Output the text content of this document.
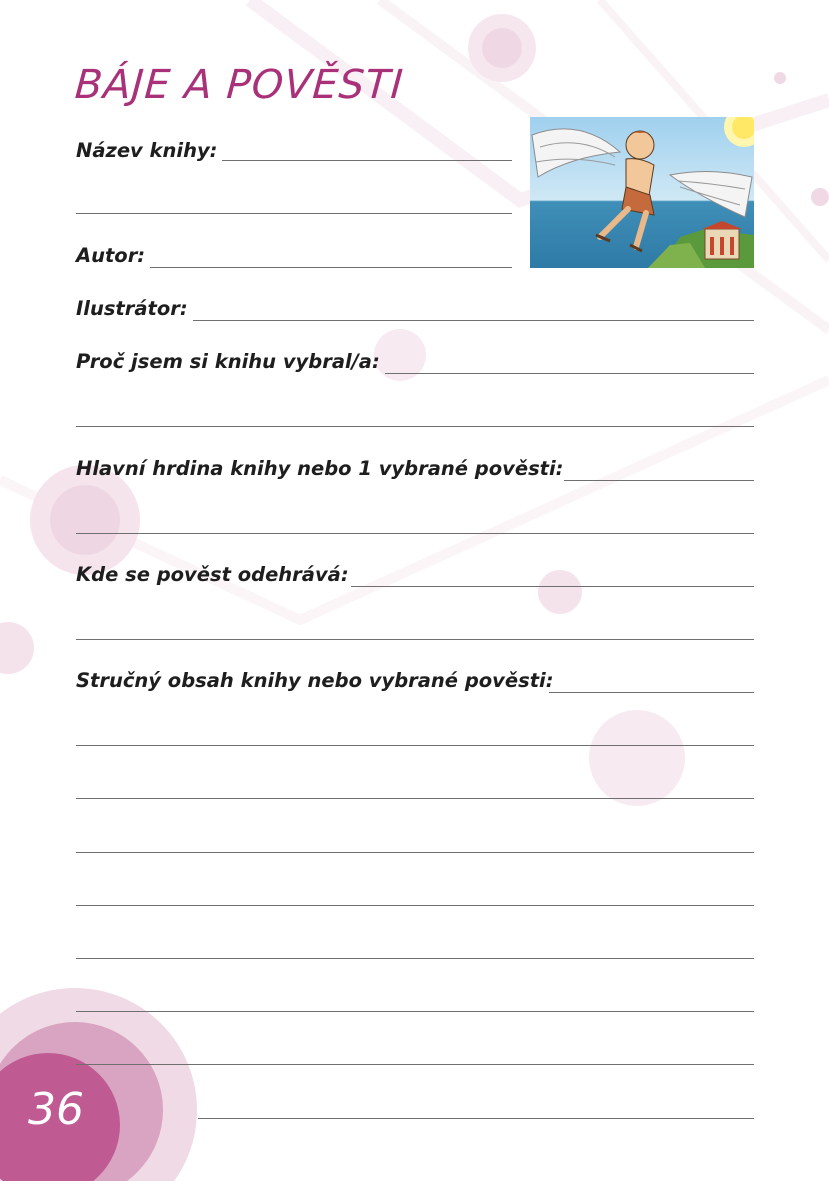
BÁJE A POVĚSTI
Název knihy:
Autor:
Ilustrátor:
Proč jsem si knihu vybral/a:
Hlavní hrdina knihy nebo 1 vybrané pověsti:
Kde se pověst odehrává:
Stručný obsah knihy nebo vybrané pověsti:
36
